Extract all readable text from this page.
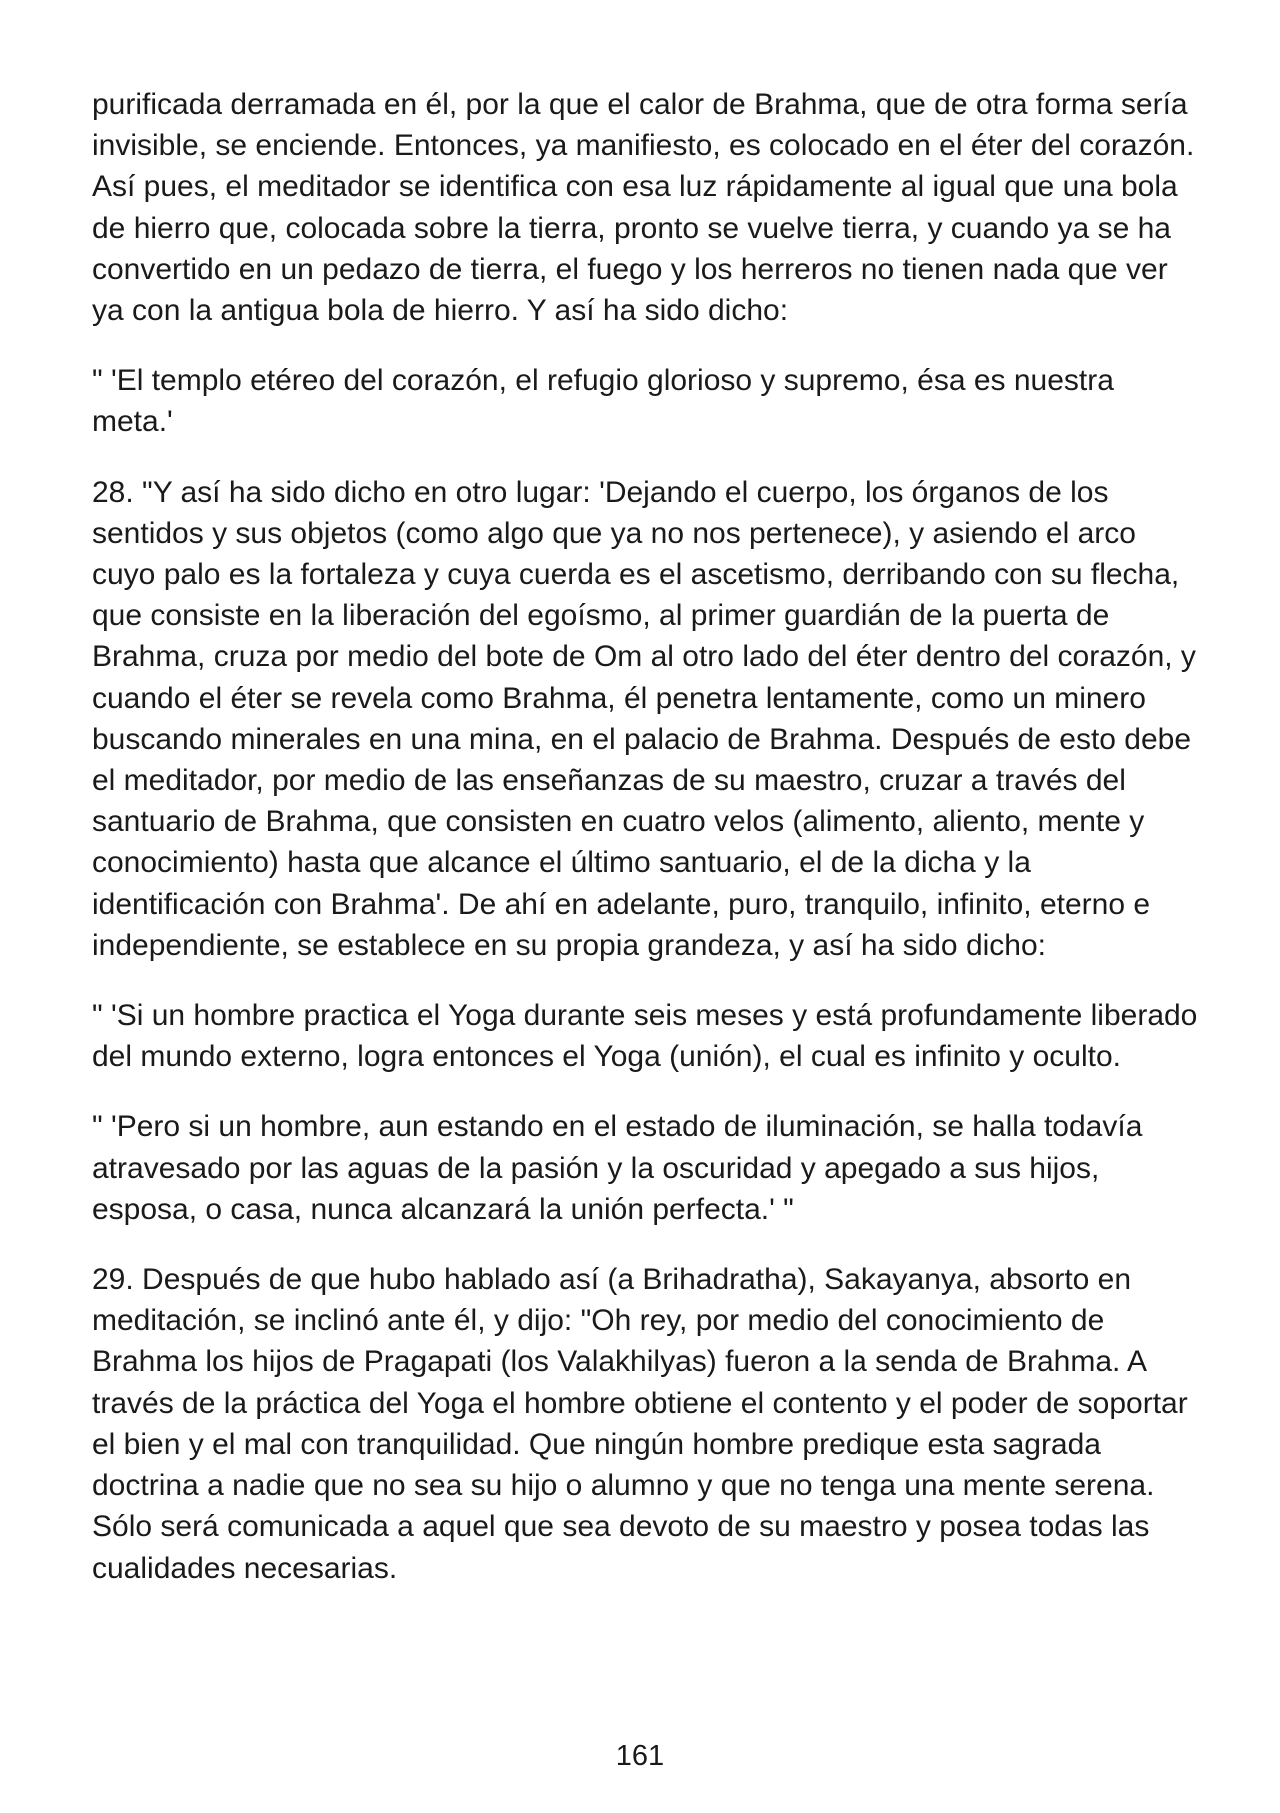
purificada derramada en él, por la que el calor de Brahma, que de otra forma sería invisible, se enciende. Entonces, ya manifiesto, es colocado en el éter del corazón. Así pues, el meditador se identifica con esa luz rápidamente al igual que una bola de hierro que, colocada sobre la tierra, pronto se vuelve tierra, y cuando ya se ha convertido en un pedazo de tierra, el fuego y los herreros no tienen nada que ver ya con la antigua bola de hierro. Y así ha sido dicho:

" 'El templo etéreo del corazón, el refugio glorioso y supremo, ésa es nuestra meta.'

28. "Y así ha sido dicho en otro lugar: 'Dejando el cuerpo, los órganos de los sentidos y sus objetos (como algo que ya no nos pertenece), y asiendo el arco cuyo palo es la fortaleza y cuya cuerda es el ascetismo, derribando con su flecha, que consiste en la liberación del egoísmo, al primer guardián de la puerta de Brahma, cruza por medio del bote de Om al otro lado del éter dentro del corazón, y cuando el éter se revela como Brahma, él penetra lentamente, como un minero buscando minerales en una mina, en el palacio de Brahma. Después de esto debe el meditador, por medio de las enseñanzas de su maestro, cruzar a través del santuario de Brahma, que consisten en cuatro velos (alimento, aliento, mente y conocimiento) hasta que alcance el último santuario, el de la dicha y la identificación con Brahma'. De ahí en adelante, puro, tranquilo, infinito, eterno e independiente, se establece en su propia grandeza, y así ha sido dicho:

" 'Si un hombre practica el Yoga durante seis meses y está profundamente liberado del mundo externo, logra entonces el Yoga (unión), el cual es infinito y oculto.

" 'Pero si un hombre, aun estando en el estado de iluminación, se halla todavía atravesado por las aguas de la pasión y la oscuridad y apegado a sus hijos, esposa, o casa, nunca alcanzará la unión perfecta.' "

29. Después de que hubo hablado así (a Brihadratha), Sakayanya, absorto en meditación, se inclinó ante él, y dijo: "Oh rey, por medio del conocimiento de Brahma los hijos de Pragapati (los Valakhilyas) fueron a la senda de Brahma. A través de la práctica del Yoga el hombre obtiene el contento y el poder de soportar el bien y el mal con tranquilidad. Que ningún hombre predique esta sagrada doctrina a nadie que no sea su hijo o alumno y que no tenga una mente serena. Sólo será comunicada a aquel que sea devoto de su maestro y posea todas las cualidades necesarias.

161
